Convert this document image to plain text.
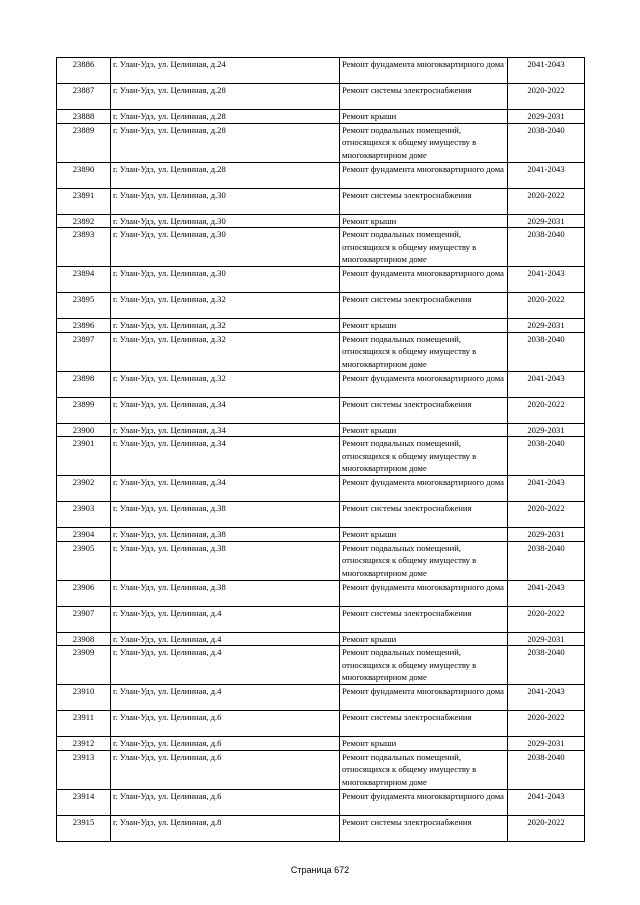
23886	г. Улан-Удэ, ул. Целинная, д.24	Ремонт фундамента многоквартирного дома	2041-2043
23887	г. Улан-Удэ, ул. Целинная, д.28	Ремонт системы электроснабжения	2020-2022
23888	г. Улан-Удэ, ул. Целинная, д.28	Ремонт крыши	2029-2031
23889	г. Улан-Удэ, ул. Целинная, д.28	Ремонт подвальных помещений, относящихся к общему имуществу в многоквартирном доме	2038-2040
23890	г. Улан-Удэ, ул. Целинная, д.28	Ремонт фундамента многоквартирного дома	2041-2043
23891	г. Улан-Удэ, ул. Целинная, д.30	Ремонт системы электроснабжения	2020-2022
23892	г. Улан-Удэ, ул. Целинная, д.30	Ремонт крыши	2029-2031
23893	г. Улан-Удэ, ул. Целинная, д.30	Ремонт подвальных помещений, относящихся к общему имуществу в многоквартирном доме	2038-2040
23894	г. Улан-Удэ, ул. Целинная, д.30	Ремонт фундамента многоквартирного дома	2041-2043
23895	г. Улан-Удэ, ул. Целинная, д.32	Ремонт системы электроснабжения	2020-2022
23896	г. Улан-Удэ, ул. Целинная, д.32	Ремонт крыши	2029-2031
23897	г. Улан-Удэ, ул. Целинная, д.32	Ремонт подвальных помещений, относящихся к общему имуществу в многоквартирном доме	2038-2040
23898	г. Улан-Удэ, ул. Целинная, д.32	Ремонт фундамента многоквартирного дома	2041-2043
23899	г. Улан-Удэ, ул. Целинная, д.34	Ремонт системы электроснабжения	2020-2022
23900	г. Улан-Удэ, ул. Целинная, д.34	Ремонт крыши	2029-2031
23901	г. Улан-Удэ, ул. Целинная, д.34	Ремонт подвальных помещений, относящихся к общему имуществу в многоквартирном доме	2038-2040
23902	г. Улан-Удэ, ул. Целинная, д.34	Ремонт фундамента многоквартирного дома	2041-2043
23903	г. Улан-Удэ, ул. Целинная, д.38	Ремонт системы электроснабжения	2020-2022
23904	г. Улан-Удэ, ул. Целинная, д.38	Ремонт крыши	2029-2031
23905	г. Улан-Удэ, ул. Целинная, д.38	Ремонт подвальных помещений, относящихся к общему имуществу в многоквартирном доме	2038-2040
23906	г. Улан-Удэ, ул. Целинная, д.38	Ремонт фундамента многоквартирного дома	2041-2043
23907	г. Улан-Удэ, ул. Целинная, д.4	Ремонт системы электроснабжения	2020-2022
23908	г. Улан-Удэ, ул. Целинная, д.4	Ремонт крыши	2029-2031
23909	г. Улан-Удэ, ул. Целинная, д.4	Ремонт подвальных помещений, относящихся к общему имуществу в многоквартирном доме	2038-2040
23910	г. Улан-Удэ, ул. Целинная, д.4	Ремонт фундамента многоквартирного дома	2041-2043
23911	г. Улан-Удэ, ул. Целинная, д.6	Ремонт системы электроснабжения	2020-2022
23912	г. Улан-Удэ, ул. Целинная, д.6	Ремонт крыши	2029-2031
23913	г. Улан-Удэ, ул. Целинная, д.6	Ремонт подвальных помещений, относящихся к общему имуществу в многоквартирном доме	2038-2040
23914	г. Улан-Удэ, ул. Целинная, д.6	Ремонт фундамента многоквартирного дома	2041-2043
23915	г. Улан-Удэ, ул. Целинная, д.8	Ремонт системы электроснабжения	2020-2022
Страница 672
